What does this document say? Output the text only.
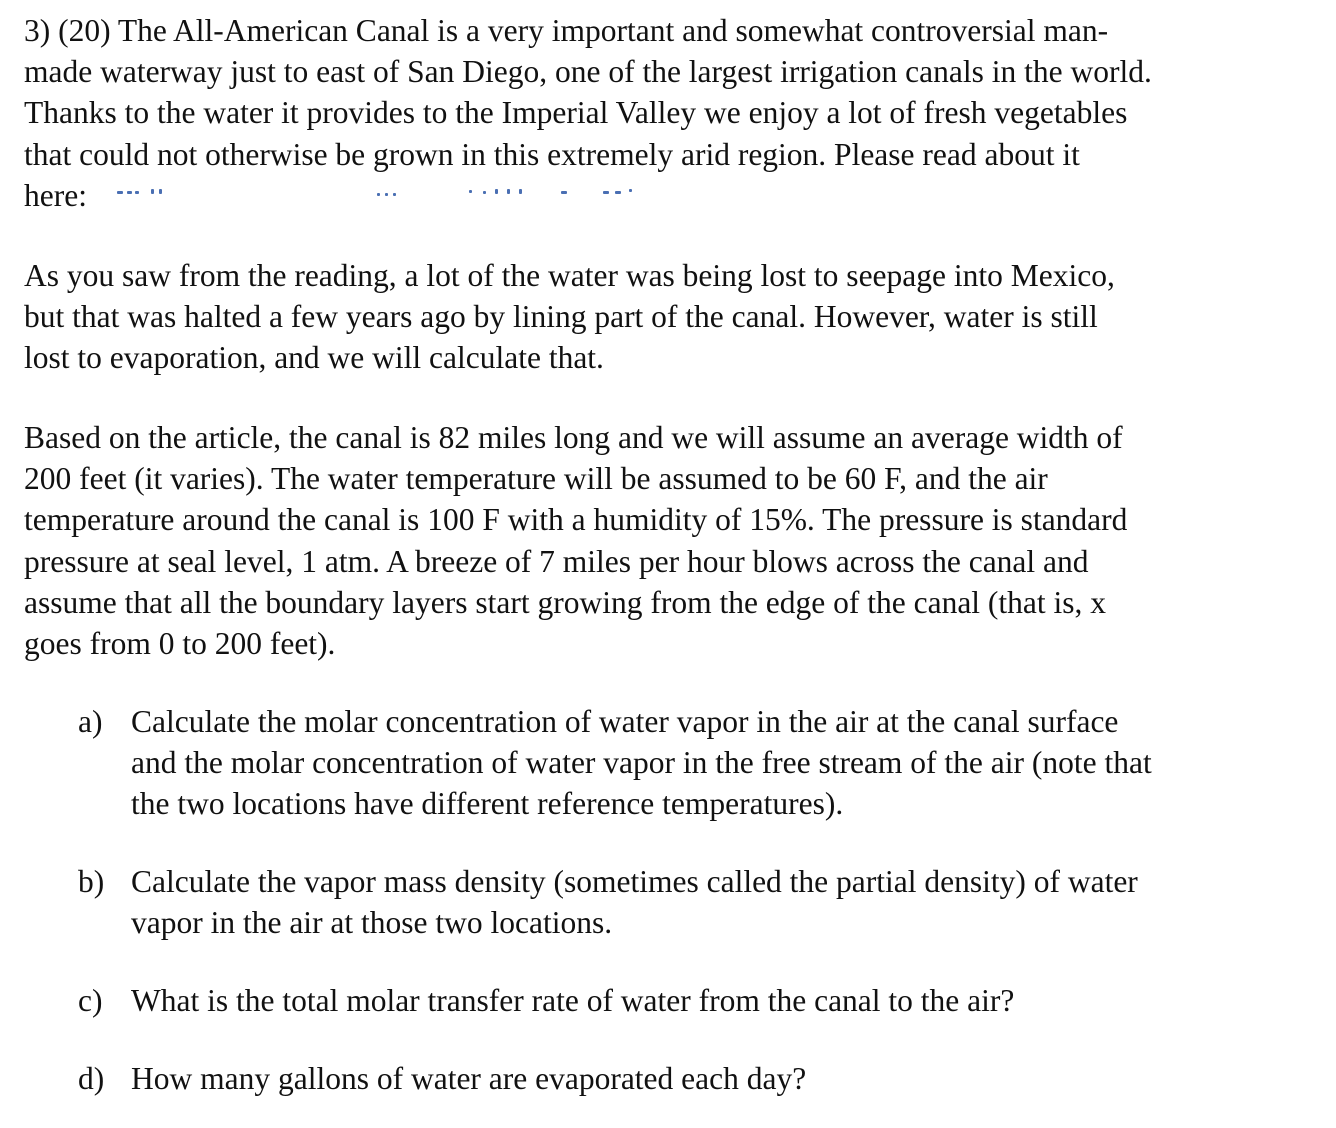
3) (20) The All-American Canal is a very important and somewhat controversial man-
made waterway just to east of San Diego, one of the largest irrigation canals in the world.
Thanks to the water it provides to the Imperial Valley we enjoy a lot of fresh vegetables
that could not otherwise be grown in this extremely arid region. Please read about it
here:

As you saw from the reading, a lot of the water was being lost to seepage into Mexico,
but that was halted a few years ago by lining part of the canal. However, water is still
lost to evaporation, and we will calculate that.

Based on the article, the canal is 82 miles long and we will assume an average width of
200 feet (it varies). The water temperature will be assumed to be 60 F, and the air
temperature around the canal is 100 F with a humidity of 15%. The pressure is standard
pressure at seal level, 1 atm. A breeze of 7 miles per hour blows across the canal and
assume that all the boundary layers start growing from the edge of the canal (that is, x
goes from 0 to 200 feet).

a) Calculate the molar concentration of water vapor in the air at the canal surface
and the molar concentration of water vapor in the free stream of the air (note that
the two locations have different reference temperatures).
b) Calculate the vapor mass density (sometimes called the partial density) of water
vapor in the air at those two locations.
c) What is the total molar transfer rate of water from the canal to the air?
d) How many gallons of water are evaporated each day?
